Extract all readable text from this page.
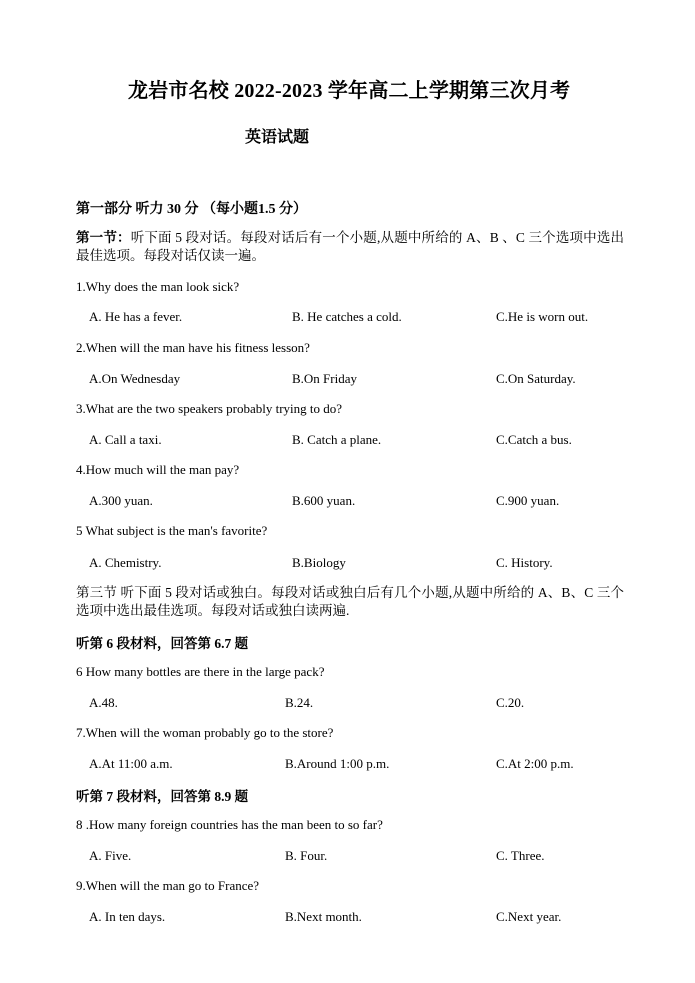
龙岩市名校 2022-2023 学年高二上学期第三次月考
英语试题
第一部分 听力 30 分 （每小题1.5 分）
第一节：听下面 5 段对话。每段对话后有一个小题,从题中所给的 A、B 、C 三个选项中选出最佳选项。每段对话仅读一遍。
1.Why does the man look sick?
A. He has a fever.	B. He catches a cold.	C.He is worn out.
2.When will the man have his fitness lesson?
A.On Wednesday	B.On Friday	C.On Saturday.
3.What are the two speakers probably trying to do?
A. Call a taxi.	B. Catch a plane.	C.Catch a bus.
4.How much will the man pay?
A.300 yuan.	B.600 yuan.	C.900 yuan.
5 What subject is the man's favorite?
A. Chemistry.	B.Biology	C. History.
第三节 听下面 5 段对话或独白。每段对话或独白后有几个小题,从题中所给的 A、B、C 三个选项中选出最佳选项。每段对话或独白读两遍.
听第 6 段材料，回答第 6.7 题
6 How many bottles are there in the large pack?
A.48.	B.24.	C.20.
7.When will the woman probably go to the store?
A.At 11:00 a.m.	B.Around 1:00 p.m.	C.At 2:00 p.m.
听第 7 段材料，回答第 8.9 题
8 .How many foreign countries has the man been to so far?
A. Five.	B. Four.	C. Three.
9.When will the man go to France?
A. In ten days.	B.Next month.	C.Next year.
